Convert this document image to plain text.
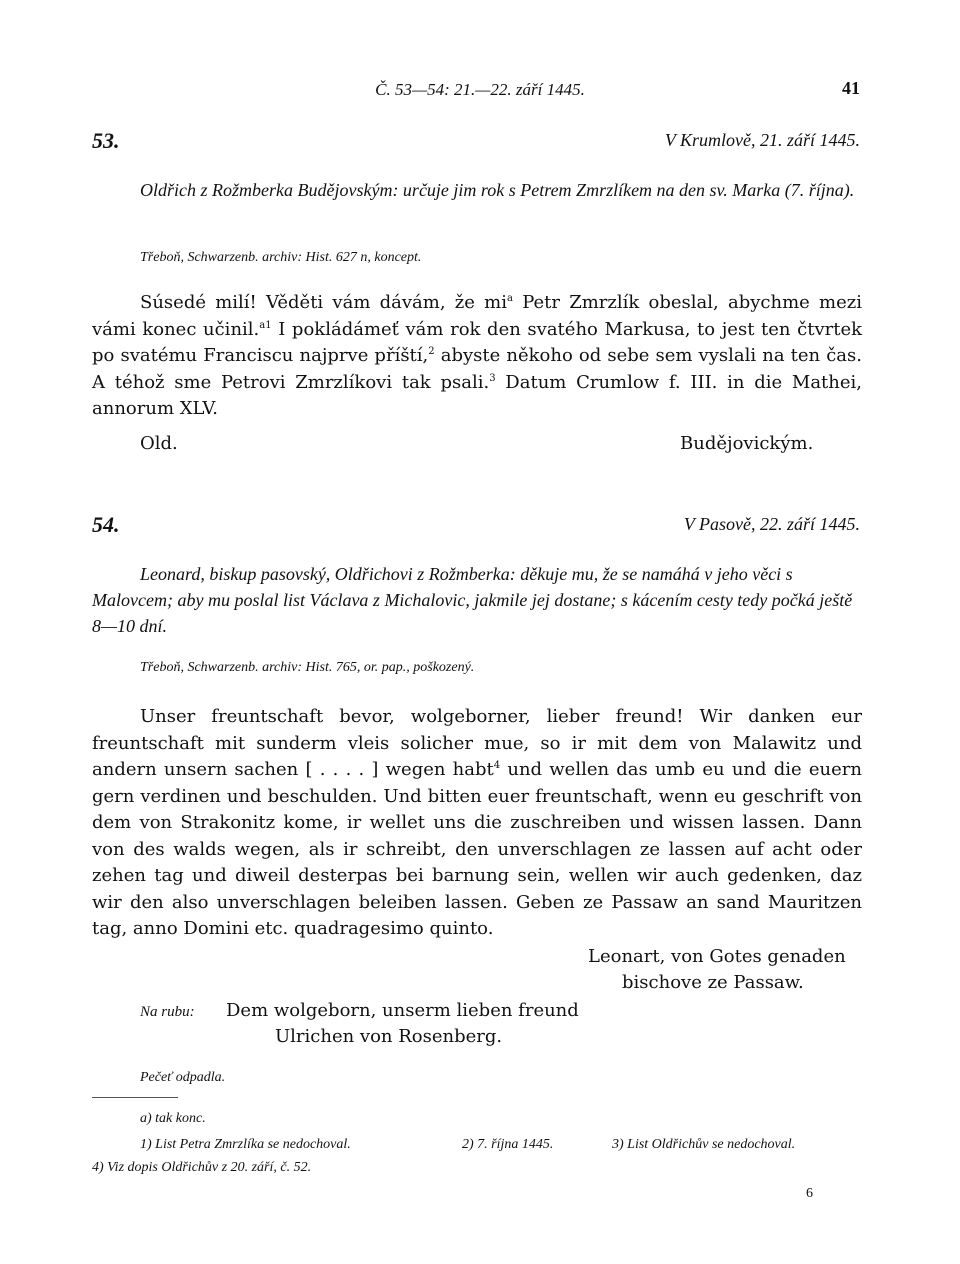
Č. 53—54: 21.—22. září 1445.	41
53.	V Krumlově, 21. září 1445.
Oldřich z Rožmberka Budějovským: určuje jim rok s Petrem Zmrzlíkem na den sv. Marka (7. října).
Třeboň, Schwarzenb. archiv: Hist. 627 n, koncept.

Súsedé milí! Věděti vám dávám, že $mi^a$ Petr Zmrzlík obeslal, abychme mezi vámi konec učinil.$^{a1}$ I pokládámeť vám rok den svatého Markusa, to jest ten čtvrtek po svatému Franciscu najprve příští,$^2$ abyste někoho od sebe sem vyslali na ten čas. A téhož sme Petrovi Zmrzlíkovi tak psali.$^3$ Datum Crumlow f. III. in die Mathei, annorum XLV.

Old.	Budějovickým.
54.	V Pasově, 22. září 1445.
Leonard, biskup pasovský, Oldřichovi z Rožmberka: děkuje mu, že se namáhá v jeho věci s Malovcem; aby mu poslal list Václava z Michalovic, jakmile jej dostane; s kácením cesty tedy počká ještě 8—10 dní.
Třeboň, Schwarzenb. archiv: Hist. 765, or. pap., poškozený.

Unser freuntschaft bevor, wolgeborner, lieber freund! Wir danken eur freuntschaft mit sunderm vleis solicher mue, so ir mit dem von Malawitz und andern unsern sachen [ . . . . ] wegen habt$^4$ und wellen das umb eu und die euern gern verdinen und beschulden. Und bitten euer freuntschaft, wenn eu geschrift von dem von Strakonitz kome, ir wellet uns die zuschreiben und wissen lassen. Dann von des walds wegen, als ir schreibt, den unverschlagen ze lassen auf acht oder zehen tag und diweil desterpas bei barnung sein, wellen wir auch gedenken, daz wir den also unverschlagen beleiben lassen. Geben ze Passaw an sand Mauritzen tag, anno Domini etc. quadragesimo quinto.

Leonart, von Gotes genaden
bischove ze Passaw.
Na rubu: Dem wolgeborn, unserm lieben freund
Ulrichen von Rosenberg.
Pečeť odpadla.
a) tak konc.
1) List Petra Zmrzlíka se nedochoval.	2) 7. října 1445.	3) List Oldřichův se nedochoval.
4) Viz dopis Oldřichův z 20. září, č. 52.
6
